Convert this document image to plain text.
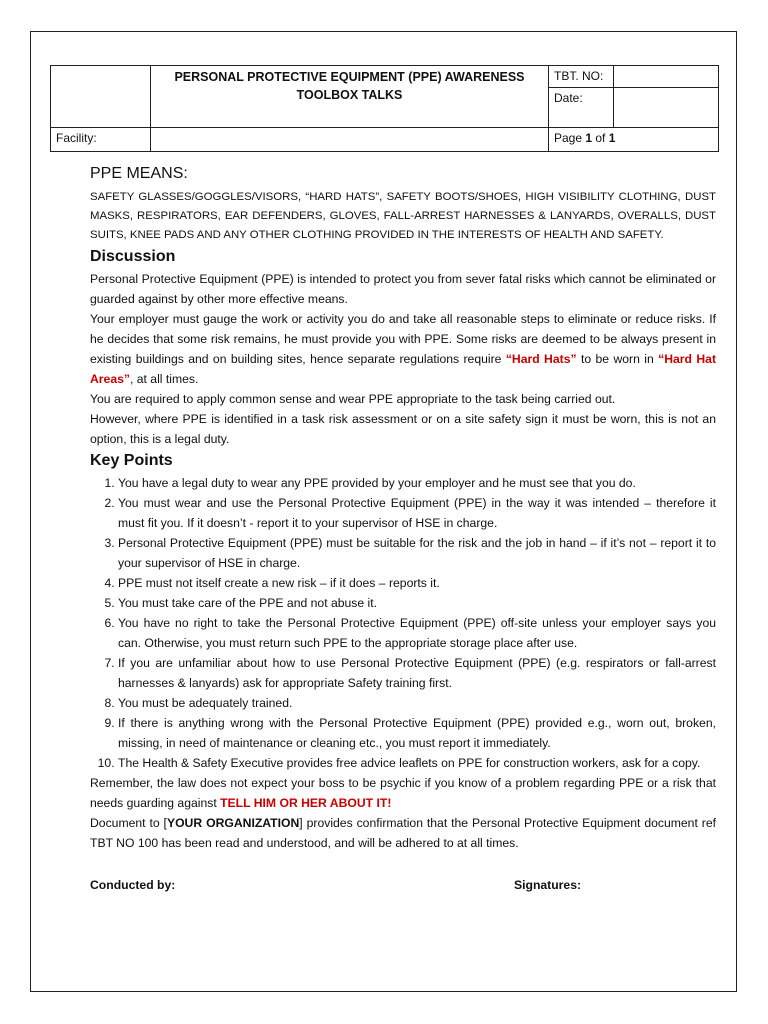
	PERSONAL PROTECTIVE EQUIPMENT (PPE) AWARENESS
TOOLBOX TALKS	TBT. NO:	
		Date:	
Facility:		Page 1 of 1	
PPE MEANS:

SAFETY GLASSES/GOGGLES/VISORS, “HARD HATS”, SAFETY BOOTS/SHOES, HIGH VISIBILITY CLOTHING, DUST MASKS, RESPIRATORS, EAR DEFENDERS, GLOVES, FALL-ARREST HARNESSES & LANYARDS, OVERALLS, DUST SUITS, KNEE PADS AND ANY OTHER CLOTHING PROVIDED IN THE INTERESTS OF HEALTH AND SAFETY.

Discussion

Personal Protective Equipment (PPE) is intended to protect you from sever fatal risks which cannot be eliminated or guarded against by other more effective means.

Your employer must gauge the work or activity you do and take all reasonable steps to eliminate or reduce risks. If he decides that some risk remains, he must provide you with PPE. Some risks are deemed to be always present in existing buildings and on building sites, hence separate regulations require “Hard Hats” to be worn in “Hard Hat Areas”, at all times.

You are required to apply common sense and wear PPE appropriate to the task being carried out.

However, where PPE is identified in a task risk assessment or on a site safety sign it must be worn, this is not an option, this is a legal duty.

Key Points
1. You have a legal duty to wear any PPE provided by your employer and he must see that you do.
2. You must wear and use the Personal Protective Equipment (PPE) in the way it was intended – therefore it must fit you. If it doesn’t - report it to your supervisor of HSE in charge.
3. Personal Protective Equipment (PPE) must be suitable for the risk and the job in hand – if it’s not – report it to your supervisor of HSE in charge.
4. PPE must not itself create a new risk – if it does – reports it.
5. You must take care of the PPE and not abuse it.
6. You have no right to take the Personal Protective Equipment (PPE) off-site unless your employer says you can. Otherwise, you must return such PPE to the appropriate storage place after use.
7. If you are unfamiliar about how to use Personal Protective Equipment (PPE) (e.g. respirators or fall-arrest harnesses & lanyards) ask for appropriate Safety training first.
8. You must be adequately trained.
9. If there is anything wrong with the Personal Protective Equipment (PPE) provided e.g., worn out, broken, missing, in need of maintenance or cleaning etc., you must report it immediately.
10. The Health & Safety Executive provides free advice leaflets on PPE for construction workers, ask for a copy.

Remember, the law does not expect your boss to be psychic if you know of a problem regarding PPE or a risk that needs guarding against TELL HIM OR HER ABOUT IT!

Document to [YOUR ORGANIZATION] provides confirmation that the Personal Protective Equipment document ref TBT NO 100 has been read and understood, and will be adhered to at all times.

Conducted by:	Signatures:
